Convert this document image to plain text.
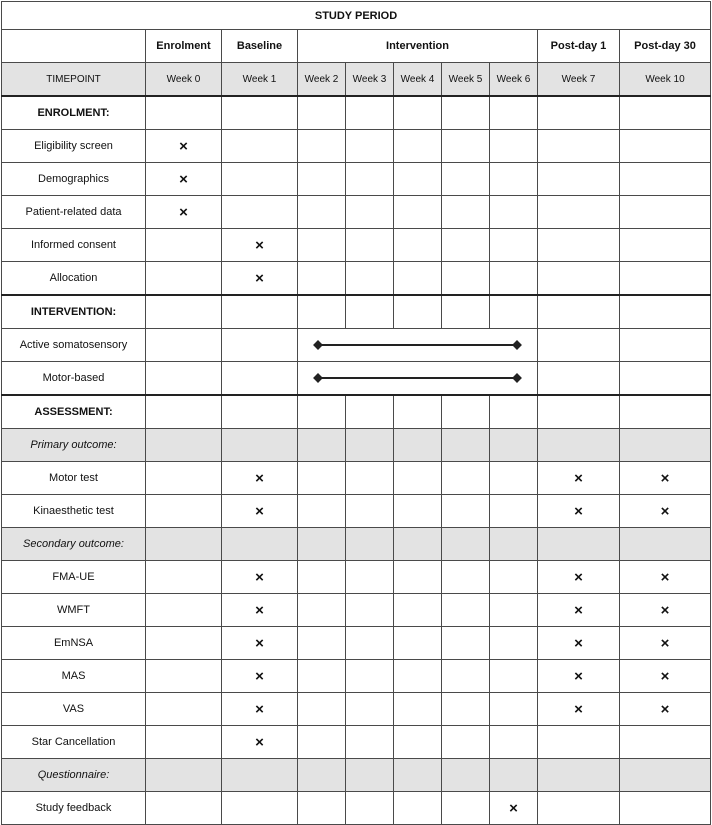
STUDY PERIOD									
	Enrolment	Baseline	Intervention					Post-day 1	Post-day 30
TIMEPOINT	Week 0	Week 1	Week 2	Week 3	Week 4	Week 5	Week 6	Week 7	Week 10
ENROLMENT:									
Eligibility screen	×								
Demographics	×								
Patient-related data	×								
Informed consent		×							
Allocation		×							
INTERVENTION:									
Active somatosensory							

Motor-based							

ASSESSMENT:									
Primary outcome:									
Motor test		×						×	×
Kinaesthetic test		×						×	×
Secondary outcome:									
FMA-UE		×						×	×
WMFT		×						×	×
EmNSA		×						×	×
MAS		×						×	×
VAS		×						×	×
Star Cancellation		×							
Questionnaire:									
Study feedback							×		
